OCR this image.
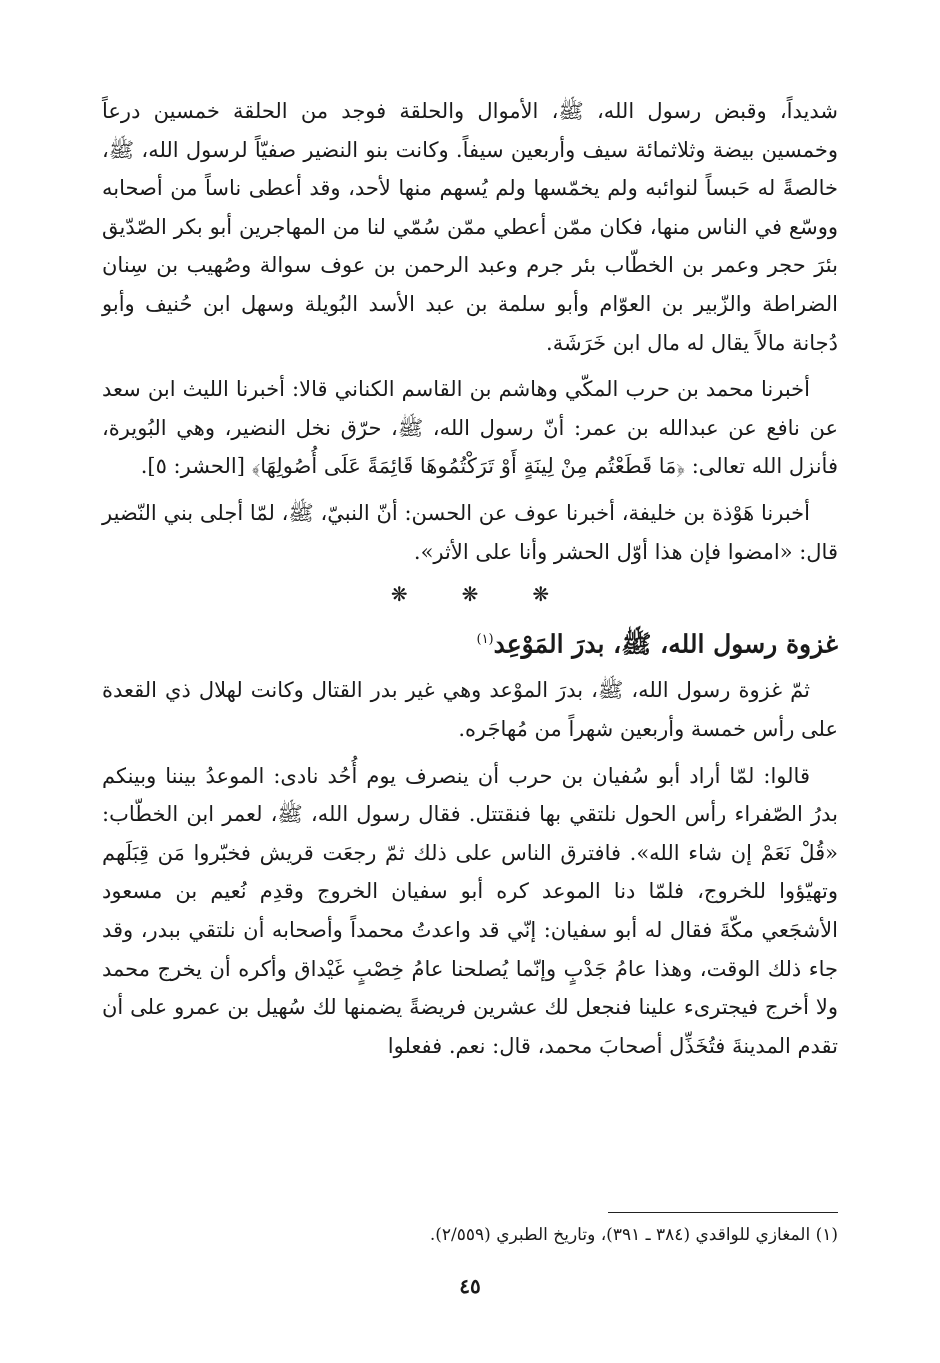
شديداً، وقبض رسول الله، ﷺ، الأموال والحلقة فوجد من الحلقة خمسين درعاً وخمسين بيضة وثلاثمائة سيف وأربعين سيفاً. وكانت بنو النضير صفيّاً لرسول الله، ﷺ، خالصةً له حَبساً لنوائبه ولم يخمّسها ولم يُسهم منها لأحد، وقد أعطى ناساً من أصحابه ووسّع في الناس منها، فكان ممّن أعطي ممّن سُمّي لنا من المهاجرين أبو بكر الصّدّيق بئرَ حجر وعمر بن الخطّاب بئر جرم وعبد الرحمن بن عوف سوالة وصُهيب بن سِنان الضراطة والزّبير بن العوّام وأبو سلمة بن عبد الأسد البُويلة وسهل ابن حُنيف وأبو دُجانة مالاً يقال له مال ابن خَرَشَة.

أخبرنا محمد بن حرب المكّي وهاشم بن القاسم الكناني قالا: أخبرنا الليث ابن سعد عن نافع عن عبدالله بن عمر: أنّ رسول الله، ﷺ، حرّق نخل النضير، وهي البُويرة، فأنزل الله تعالى: ﴿مَا قَطَعْتُم مِنْ لِينَةٍ أَوْ تَرَكْتُمُوهَا قَائِمَةً عَلَى أُصُولِهَا﴾ [الحشر: ٥].

أخبرنا هَوْذة بن خليفة، أخبرنا عوف عن الحسن: أنّ النبيّ، ﷺ، لمّا أجلى بني النّضير قال: «امضوا فإن هذا أوّل الحشر وأنا على الأثر».

❋
❋
❋
غزوة رسول الله، ﷺ، بدرَ المَوْعِد$^{(١)}$

ثمّ غزوة رسول الله، ﷺ، بدرَ الموْعد وهي غير بدر القتال وكانت لهلال ذي القعدة على رأس خمسة وأربعين شهراً من مُهاجَره.

قالوا: لمّا أراد أبو سُفيان بن حرب أن ينصرف يوم أُحُد نادى: الموعدُ بيننا وبينكم بدرُ الصّفراء رأس الحول نلتقي بها فنقتتل. فقال رسول الله، ﷺ، لعمر ابن الخطّاب: «قُلْ نَعَمْ إن شاء الله». فافترق الناس على ذلك ثمّ رجعَت قريش فخبّروا مَن قِبَلَهم وتهيّؤوا للخروج، فلمّا دنا الموعد كره أبو سفيان الخروج وقدِم نُعيم بن مسعود الأشجَعي مكّةَ فقال له أبو سفيان: إنّي قد واعدتُ محمداً وأصحابه أن نلتقي ببدر، وقد جاء ذلك الوقت، وهذا عامُ جَدْبٍ وإنّما يُصلحنا عامُ خِصْبٍ غَيْداق وأكره أن يخرج محمد ولا أخرج فيجترىء علينا فنجعل لك عشرين فريضةً يضمنها لك سُهيل بن عمرو على أن تقدم المدينةَ فتُخَذِّل أصحابَ محمد، قال: نعم. ففعلوا

(١) المغازي للواقدي (٣٨٤ ـ ٣٩١)، وتاريخ الطبري (٢/٥٥٩).
٤٥
